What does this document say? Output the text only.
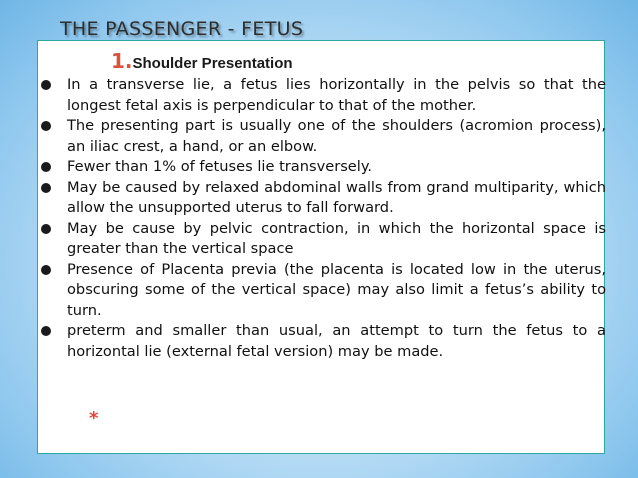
THE PASSENGER - FETUS
1.Shoulder Presentation
In a transverse lie, a fetus lies horizontally in the pelvis so that the longest fetal axis is perpendicular to that of the mother.
The presenting part is usually one of the shoulders (acromion process), an iliac crest, a hand, or an elbow.
Fewer than 1% of fetuses lie transversely.
May be caused by relaxed abdominal walls from grand multiparity, which allow the unsupported uterus to fall forward.
May be cause by pelvic contraction, in which the horizontal space is greater than the vertical space
Presence of Placenta previa (the placenta is located low in the uterus, obscuring some of the vertical space) may also limit a fetus’s ability to turn.
preterm and smaller than usual, an attempt to turn the fetus to a horizontal lie (external fetal version) may be made.
*
